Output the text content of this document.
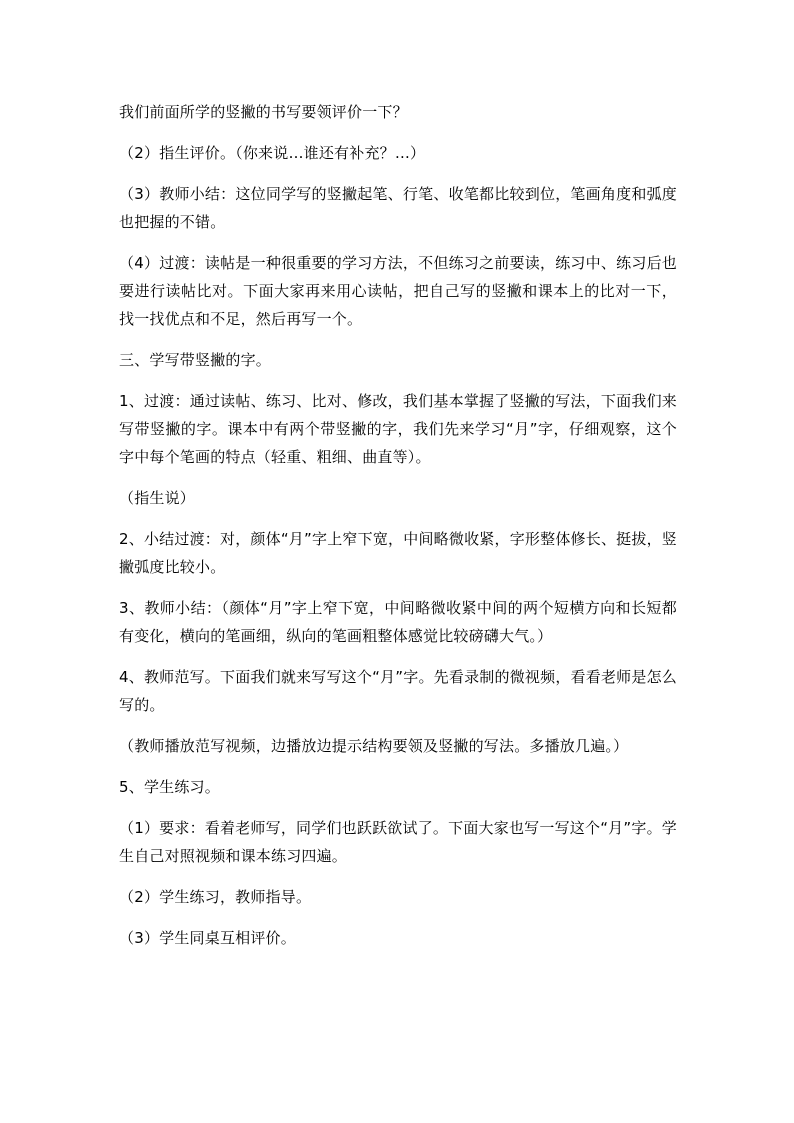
我们前面所学的竖撇的书写要领评价一下？

（2）指生评价。（你来说…谁还有补充？…）

（3）教师小结：这位同学写的竖撇起笔、行笔、收笔都比较到位，笔画角度和弧度也把握的不错。

（4）过渡：读帖是一种很重要的学习方法，不但练习之前要读，练习中、练习后也要进行读帖比对。下面大家再来用心读帖，把自己写的竖撇和课本上的比对一下，找一找优点和不足，然后再写一个。

三、学写带竖撇的字。

1、过渡：通过读帖、练习、比对、修改，我们基本掌握了竖撇的写法，下面我们来写带竖撇的字。课本中有两个带竖撇的字，我们先来学习“月”字，仔细观察，这个字中每个笔画的特点（轻重、粗细、曲直等）。

（指生说）

2、小结过渡：对，颜体“月”字上窄下宽，中间略微收紧，字形整体修长、挺拔，竖撇弧度比较小。

3、教师小结：（颜体“月”字上窄下宽，中间略微收紧中间的两个短横方向和长短都有变化，横向的笔画细，纵向的笔画粗整体感觉比较磅礴大气。）

4、教师范写。下面我们就来写写这个“月”字。先看录制的微视频，看看老师是怎么写的。

（教师播放范写视频，边播放边提示结构要领及竖撇的写法。多播放几遍。）

5、学生练习。

（1）要求：看着老师写，同学们也跃跃欲试了。下面大家也写一写这个“月”字。学生自己对照视频和课本练习四遍。

（2）学生练习，教师指导。

（3）学生同桌互相评价。
